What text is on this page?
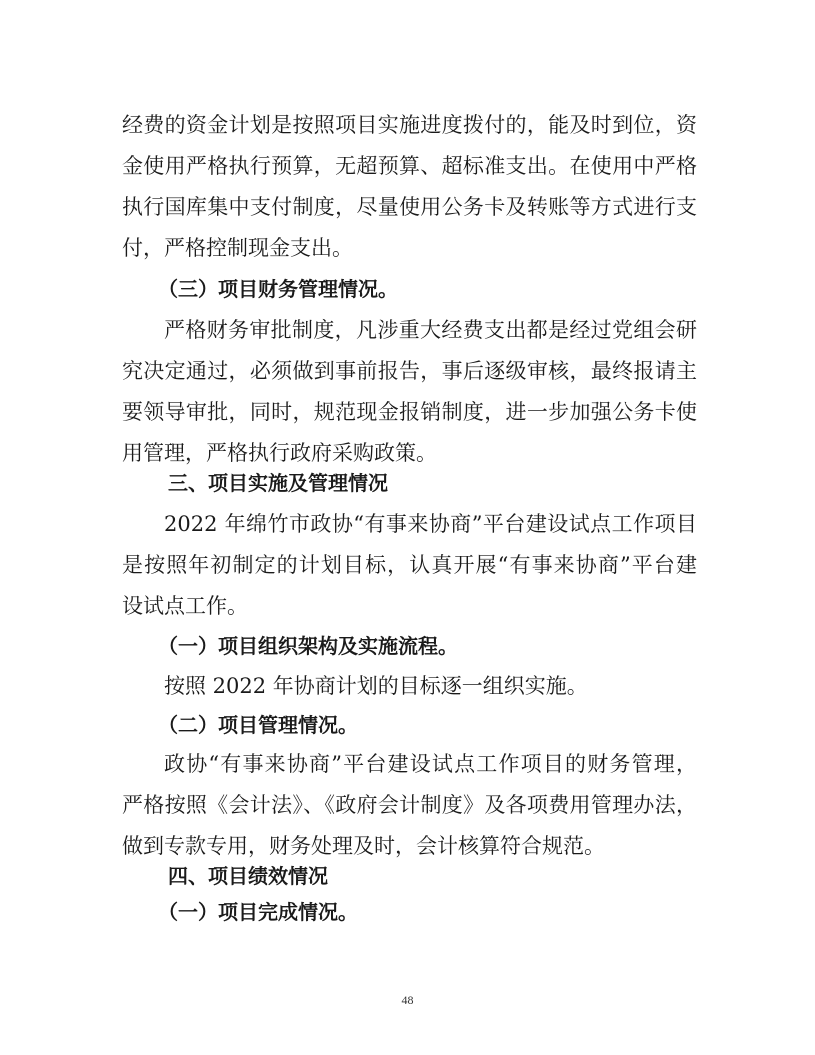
经费的资金计划是按照项目实施进度拨付的，能及时到位，资
金使用严格执行预算，无超预算、超标准支出。在使用中严格
执行国库集中支付制度，尽量使用公务卡及转账等方式进行支
付，严格控制现金支出。
（三）项目财务管理情况。
严格财务审批制度，凡涉重大经费支出都是经过党组会研
究决定通过，必须做到事前报告，事后逐级审核，最终报请主
要领导审批，同时，规范现金报销制度，进一步加强公务卡使
用管理，严格执行政府采购政策。
三、项目实施及管理情况
2022 年绵竹市政协“有事来协商”平台建设试点工作项目
是按照年初制定的计划目标，认真开展“有事来协商”平台建
设试点工作。
（一）项目组织架构及实施流程。
按照 2022 年协商计划的目标逐一组织实施。
（二）项目管理情况。
政协“有事来协商”平台建设试点工作项目的财务管理，
严格按照《会计法》、《政府会计制度》及各项费用管理办法，
做到专款专用，财务处理及时，会计核算符合规范。
四、项目绩效情况
（一）项目完成情况。
48
